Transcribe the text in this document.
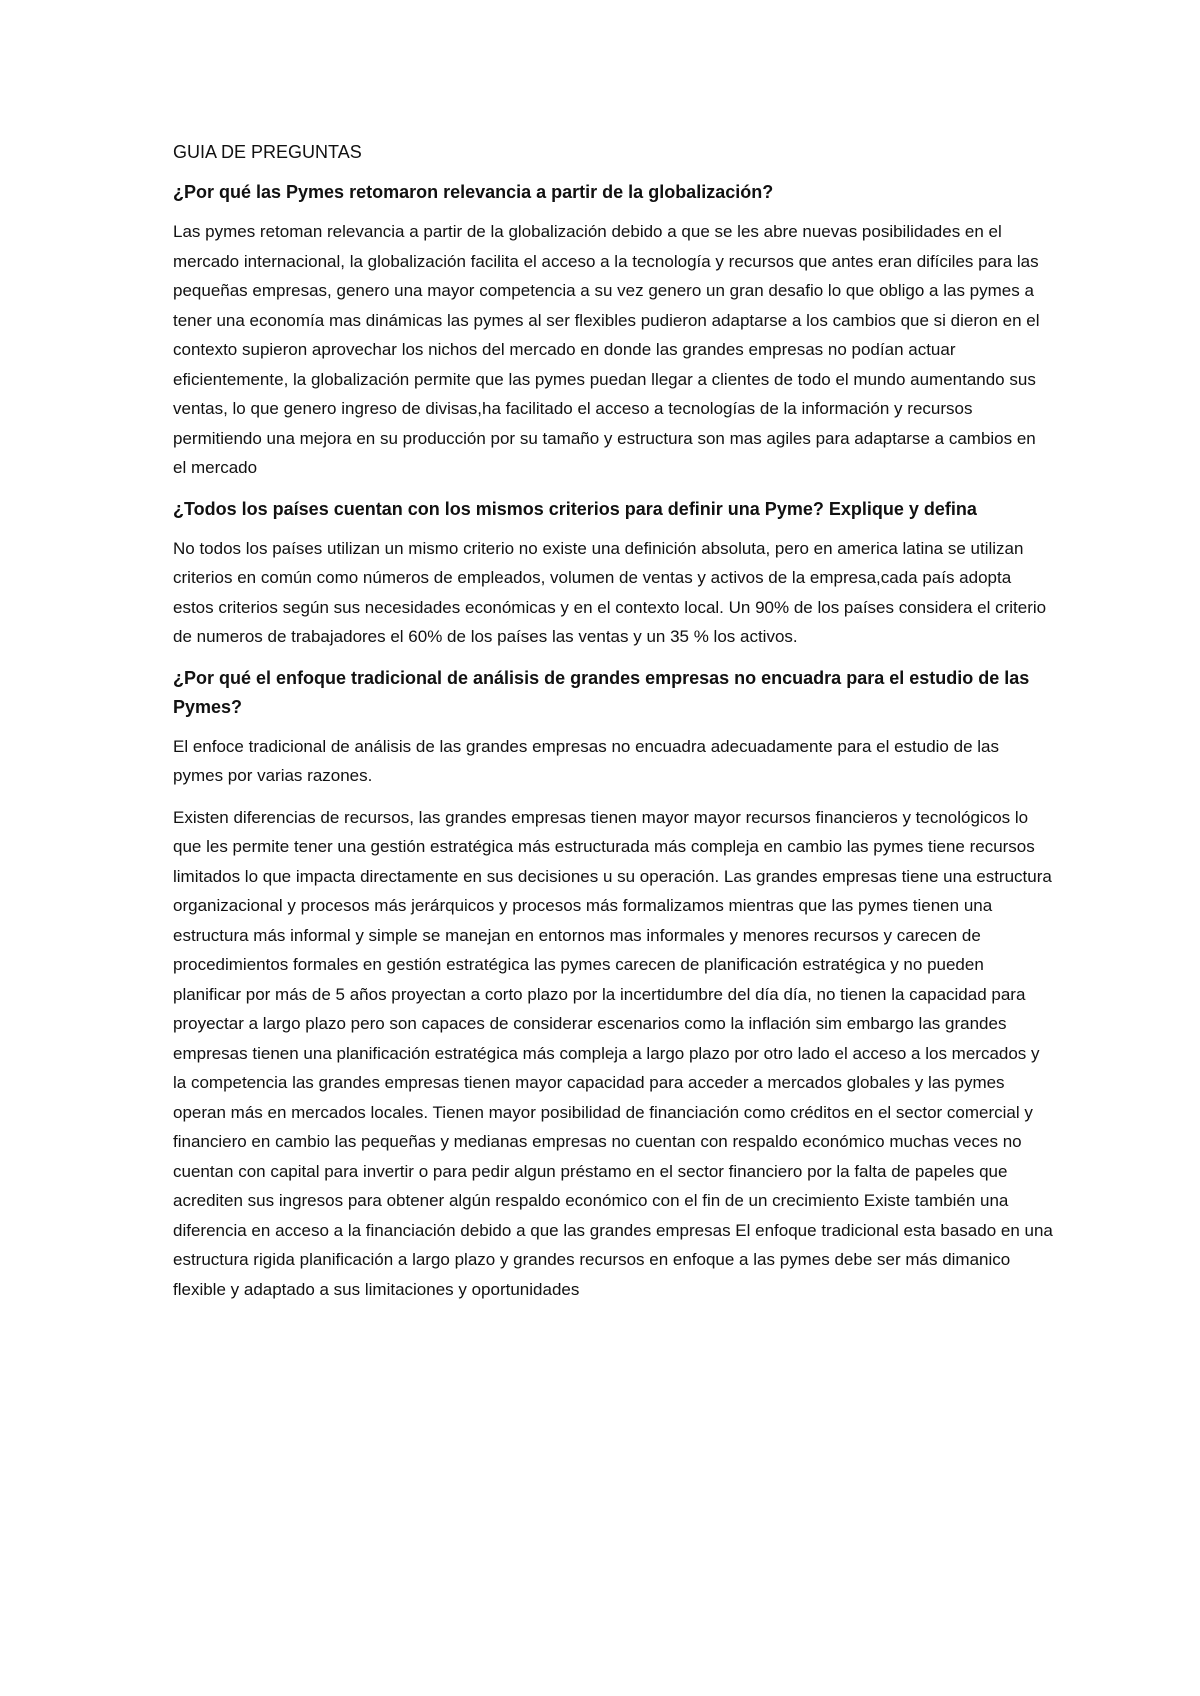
GUIA DE PREGUNTAS
¿Por qué las Pymes retomaron relevancia a partir de la globalización?

Las pymes retoman relevancia a partir de la globalización debido a que se les abre nuevas posibilidades en el mercado internacional, la globalización facilita el acceso a la tecnología y recursos que antes eran difíciles para las pequeñas empresas, genero una mayor competencia a su vez genero un gran desafio lo que obligo a las pymes a tener una economía mas dinámicas las pymes al ser flexibles pudieron adaptarse a los cambios que si dieron en el contexto supieron aprovechar los nichos del mercado en donde las grandes empresas no podían actuar eficientemente, la globalización permite que las pymes puedan llegar a clientes de todo el mundo aumentando sus ventas, lo que genero ingreso de divisas,ha facilitado el acceso a tecnologías de la información y recursos permitiendo una mejora en su producción por su tamaño y estructura son mas agiles para adaptarse a cambios en el mercado

¿Todos los países cuentan con los mismos criterios para definir una Pyme? Explique y defina

No todos los países utilizan un mismo criterio no existe una definición absoluta, pero en america latina se utilizan criterios en común como números de empleados, volumen de ventas y activos de la empresa,cada país adopta estos criterios según sus necesidades económicas y en el contexto local. Un 90% de los países considera el criterio de numeros de trabajadores el 60% de los países las ventas y un 35 % los activos.

¿Por qué el enfoque tradicional de análisis de grandes empresas no encuadra para el estudio de las Pymes?

El enfoce tradicional de análisis de las grandes empresas no encuadra adecuadamente para el estudio de las pymes por varias razones.

Existen diferencias de recursos, las grandes empresas tienen mayor mayor recursos financieros y tecnológicos lo que les permite tener una gestión estratégica más estructurada más compleja en cambio las pymes tiene recursos limitados lo que impacta directamente en sus decisiones u su operación. Las grandes empresas tiene una estructura organizacional y procesos más jerárquicos y procesos más formalizamos mientras que las pymes tienen una estructura más informal y simple se manejan en entornos mas informales y menores recursos y carecen de procedimientos formales en gestión estratégica las pymes carecen de planificación estratégica y no pueden planificar por más de 5 años proyectan a corto plazo por la incertidumbre del día día, no tienen la capacidad para proyectar a largo plazo pero son capaces de considerar escenarios como la inflación sim embargo las grandes empresas tienen una planificación estratégica más compleja a largo plazo por otro lado el acceso a los mercados y la competencia las grandes empresas tienen mayor capacidad para acceder a mercados globales y las pymes operan más en mercados locales. Tienen mayor posibilidad de financiación como créditos en el sector comercial y financiero en cambio las pequeñas y medianas empresas no cuentan con respaldo económico muchas veces no cuentan con capital para invertir o para pedir algun préstamo en el sector financiero por la falta de papeles que acrediten sus ingresos para obtener algún respaldo económico con el fin de un crecimiento Existe también una diferencia en acceso a la financiación debido a que las grandes empresas El enfoque tradicional esta basado en una estructura rigida planificación a largo plazo y grandes recursos en enfoque a las pymes debe ser más dimanico flexible y adaptado a sus limitaciones y oportunidades
